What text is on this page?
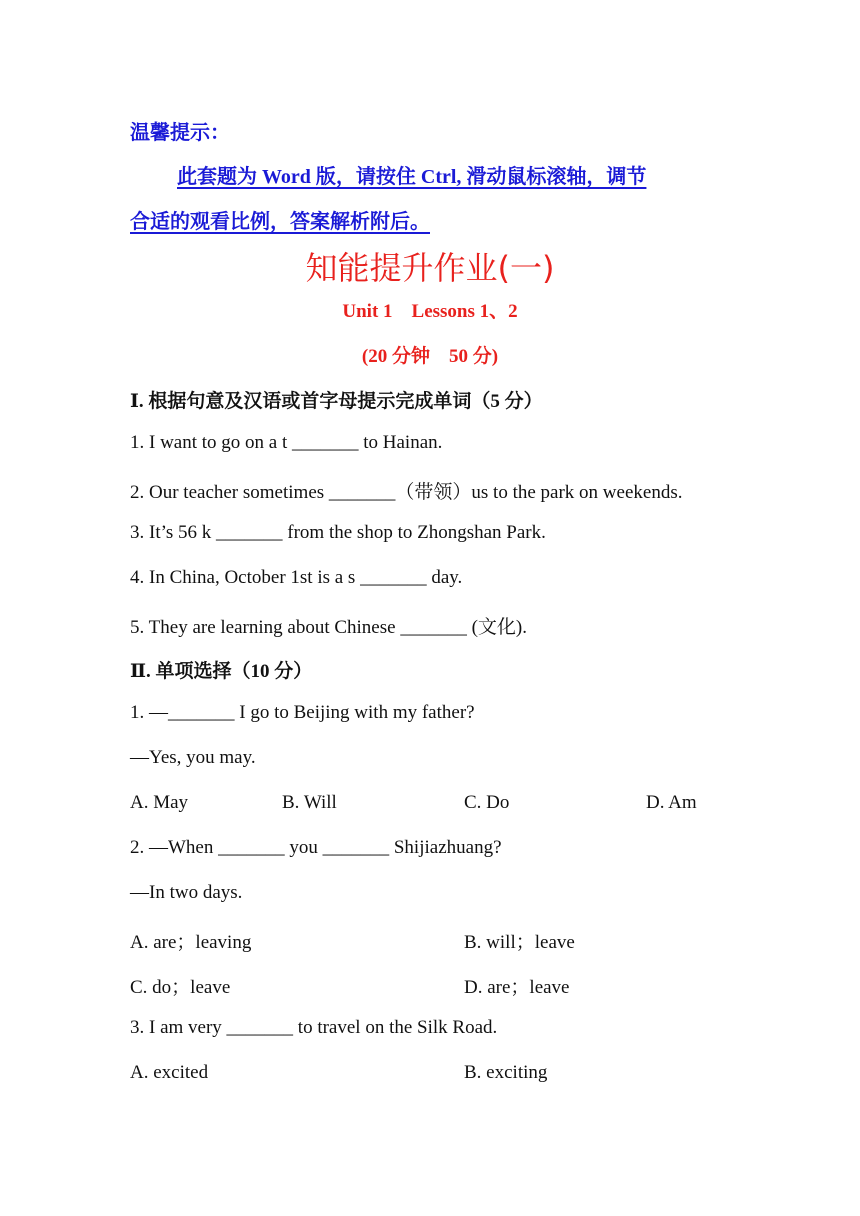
温馨提示：
此套题为 Word 版，请按住 Ctrl, 滑动鼠标滚轴，调节
合适的观看比例，答案解析附后。
知能提升作业(一)
Unit 1　Lessons 1、2
(20 分钟　50 分)
Ⅰ. 根据句意及汉语或首字母提示完成单词（5 分）
1. I want to go on a t _______ to Hainan.
2. Our teacher sometimes _______（带领）us to the park on weekends.
3. It’s 56 k _______ from the shop to Zhongshan Park.
4. In China, October 1st is a s _______ day.
5. They are learning about Chinese _______ (文化).
Ⅱ. 单项选择（10 分）
1. —_______ I go to Beijing with my father?
—Yes, you may.
A. May	B. Will	C. Do	D. Am
2. —When _______ you _______ Shijiazhuang?
—In two days.
A. are；leaving	B. will；leave
C. do；leave	D. are；leave
3. I am very _______ to travel on the Silk Road.
A. excited	B. exciting
